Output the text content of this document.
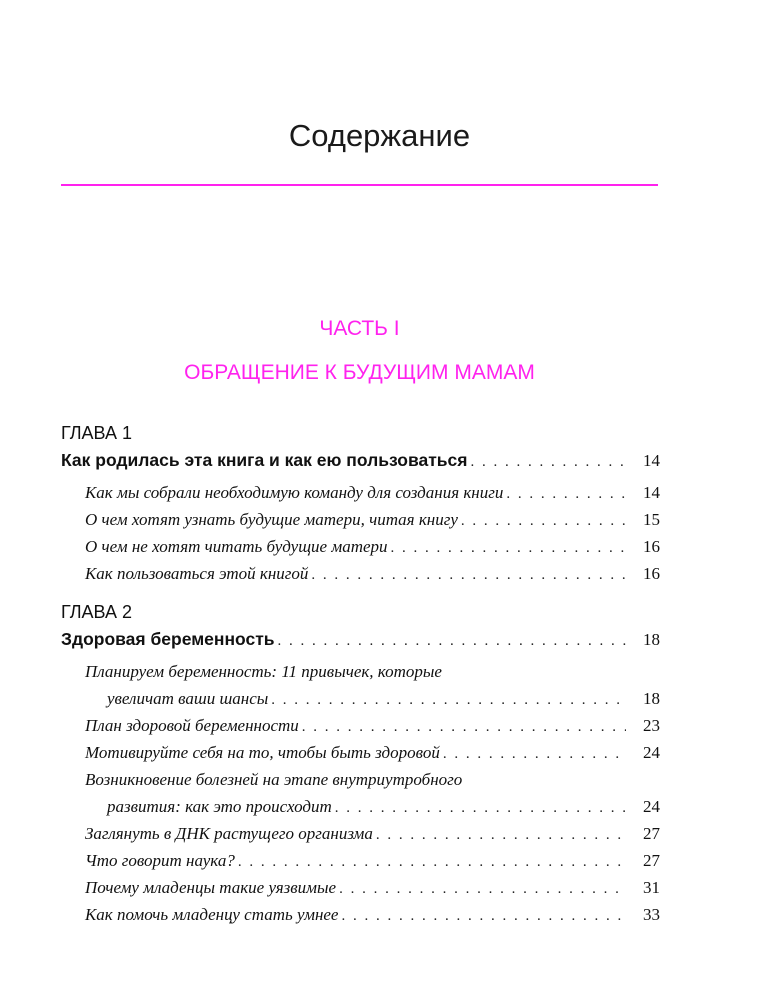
Содержание
ЧАСТЬ I
ОБРАЩЕНИЕ К БУДУЩИМ МАМАМ
ГЛАВА 1
Как родилась эта книга и как ею пользоваться . . .	14
Как мы собрали необходимую команду для создания книги . . .	14
О чем хотят узнать будущие матери, читая книгу . . .	15
О чем не хотят читать будущие матери . . .	16
Как пользоваться этой книгой . . .	16
ГЛАВА 2
Здоровая беременность . . .	18
Планируем беременность: 11 привычек, которые
увеличат ваши шансы . . .	18
План здоровой беременности . . .	23
Мотивируйте себя на то, чтобы быть здоровой . . .	24
Возникновение болезней на этапе внутриутробного
развития: как это происходит . . .	24
Заглянуть в ДНК растущего организма . . .	27
Что говорит наука? . . .	27
Почему младенцы такие уязвимые . . .	31
Как помочь младенцу стать умнее . . .	33
